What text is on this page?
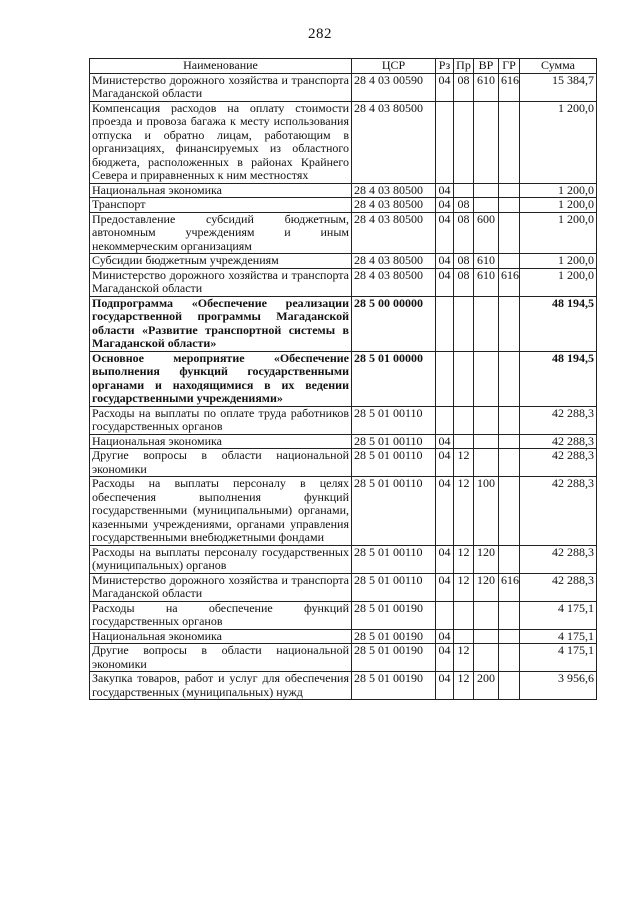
282
Наименование	ЦСР	Рз	Пр	ВР	ГР	Сумма
Министерство дорожного хозяйства и транспорта Магаданской области	28 4 03 00590	04	08	610	616	15 384,7
Компенсация расходов на оплату стоимости проезда и провоза багажа к месту использования отпуска и обратно лицам, работающим в организациях, финансируемых из областного бюджета, расположенных в районах Крайнего Севера и приравненных к ним местностях	28 4 03 80500					1 200,0
Национальная экономика	28 4 03 80500	04				1 200,0
Транспорт	28 4 03 80500	04	08			1 200,0
Предоставление субсидий бюджетным, автономным учреждениям и иным некоммерческим организациям	28 4 03 80500	04	08	600		1 200,0
Субсидии бюджетным учреждениям	28 4 03 80500	04	08	610		1 200,0
Министерство дорожного хозяйства и транспорта Магаданской области	28 4 03 80500	04	08	610	616	1 200,0
Подпрограмма «Обеспечение реализации государственной программы Магаданской области «Развитие транспортной системы в Магаданской области»	28 5 00 00000					48 194,5
Основное мероприятие «Обеспечение выполнения функций государственными органами и находящимися в их ведении государственными учреждениями»	28 5 01 00000					48 194,5
Расходы на выплаты по оплате труда работников государственных органов	28 5 01 00110					42 288,3
Национальная экономика	28 5 01 00110	04				42 288,3
Другие вопросы в области национальной экономики	28 5 01 00110	04	12			42 288,3
Расходы на выплаты персоналу в целях обеспечения выполнения функций государственными (муниципальными) органами, казенными учреждениями, органами управления государственными внебюджетными фондами	28 5 01 00110	04	12	100		42 288,3
Расходы на выплаты персоналу государственных (муниципальных) органов	28 5 01 00110	04	12	120		42 288,3
Министерство дорожного хозяйства и транспорта Магаданской области	28 5 01 00110	04	12	120	616	42 288,3
Расходы на обеспечение функций государственных органов	28 5 01 00190					4 175,1
Национальная экономика	28 5 01 00190	04				4 175,1
Другие вопросы в области национальной экономики	28 5 01 00190	04	12			4 175,1
Закупка товаров, работ и услуг для обеспечения государственных (муниципальных) нужд	28 5 01 00190	04	12	200		3 956,6
